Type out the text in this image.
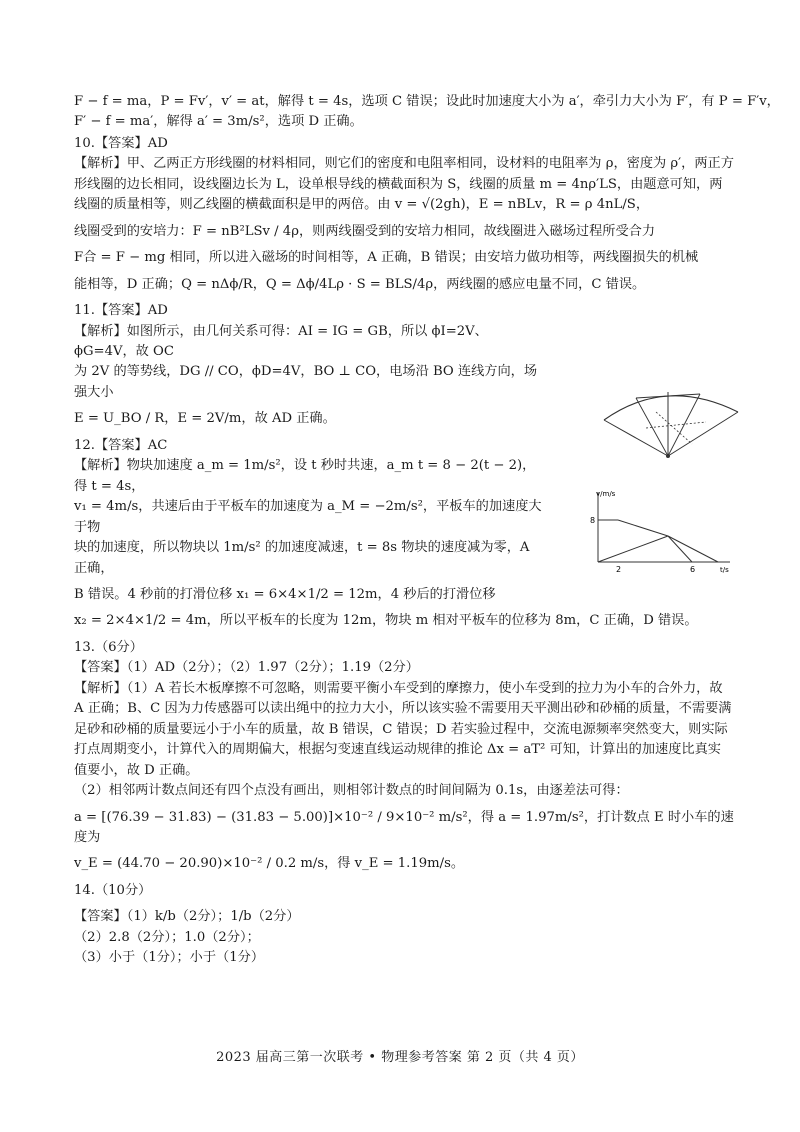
F − f = ma，P = Fv′，v′ = at，解得 t = 4s，选项 C 错误；设此时加速度大小为 a′，牵引力大小为 F′，有 P = F′v，

F′ − f = ma′，解得 a′ = 3m/s²，选项 D 正确。

10.【答案】AD

【解析】甲、乙两正方形线圈的材料相同，则它们的密度和电阻率相同，设材料的电阻率为 ρ，密度为 ρ′，两正方形线圈的边长相同，设线圈边长为 L，设单根导线的横截面积为 S，线圈的质量 m = 4nρ′LS，由题意可知，两线圈的质量相等，则乙线圈的横截面积是甲的两倍。由 v = √(2gh)，E = nBLv，R = ρ 4nL/S，

线圈受到的安培力：F = nB²LSv / 4ρ，则两线圈受到的安培力相同，故线圈进入磁场过程所受合力

F合 = F − mg 相同，所以进入磁场的时间相等，A 正确，B 错误；由安培力做功相等，两线圈损失的机械

能相等，D 正确；Q = nΔϕ/R，Q = Δϕ/4Lρ · S = BLS/4ρ，两线圈的感应电量不同，C 错误。

11.【答案】AD

【解析】如图所示，由几何关系可得：AI = IG = GB，所以 ϕI=2V、ϕG=4V，故 OC

为 2V 的等势线，DG // CO，ϕD=4V，BO ⊥ CO，电场沿 BO 连线方向，场强大小

E = U_BO / R，E = 2V/m，故 AD 正确。

12.【答案】AC

【解析】物块加速度 a_m = 1m/s²，设 t 秒时共速，a_m t = 8 − 2(t − 2)，得 t = 4s，

v₁ = 4m/s，共速后由于平板车的加速度为 a_M = −2m/s²，平板车的加速度大于物

块的加速度，所以物块以 1m/s² 的加速度减速，t = 8s 物块的速度减为零，A 正确，

B 错误。4 秒前的打滑位移 x₁ = 6×4×1/2 = 12m，4 秒后的打滑位移

x₂ = 2×4×1/2 = 4m，所以平板车的长度为 12m，物块 m 相对平板车的位移为 8m，C 正确，D 错误。

13.（6分）

【答案】（1）AD（2分）；（2）1.97（2分）；1.19（2分）

【解析】（1）A 若长木板摩擦不可忽略，则需要平衡小车受到的摩擦力，使小车受到的拉力为小车的合外力，故 A 正确；B、C 因为力传感器可以读出绳中的拉力大小，所以该实验不需要用天平测出砂和砂桶的质量，不需要满足砂和砂桶的质量要远小于小车的质量，故 B 错误，C 错误；D 若实验过程中，交流电源频率突然变大，则实际打点周期变小，计算代入的周期偏大，根据匀变速直线运动规律的推论 Δx = aT² 可知，计算出的加速度比真实值要小，故 D 正确。

（2）相邻两计数点间还有四个点没有画出，则相邻计数点的时间间隔为 0.1s，由逐差法可得：

a = [(76.39 − 31.83) − (31.83 − 5.00)]×10⁻² / 9×10⁻² m/s²，得 a = 1.97m/s²，打计数点 E 时小车的速度为

v_E = (44.70 − 20.90)×10⁻² / 0.2 m/s，得 v_E = 1.19m/s。

14.（10分）

【答案】（1）k/b（2分）；1/b（2分）

（2）2.8（2分）；1.0（2分）；

（3）小于（1分）；小于（1分）

v/m/s
8
2	6	t/s
2023 届高三第一次联考 • 物理参考答案 第 2 页（共 4 页）
